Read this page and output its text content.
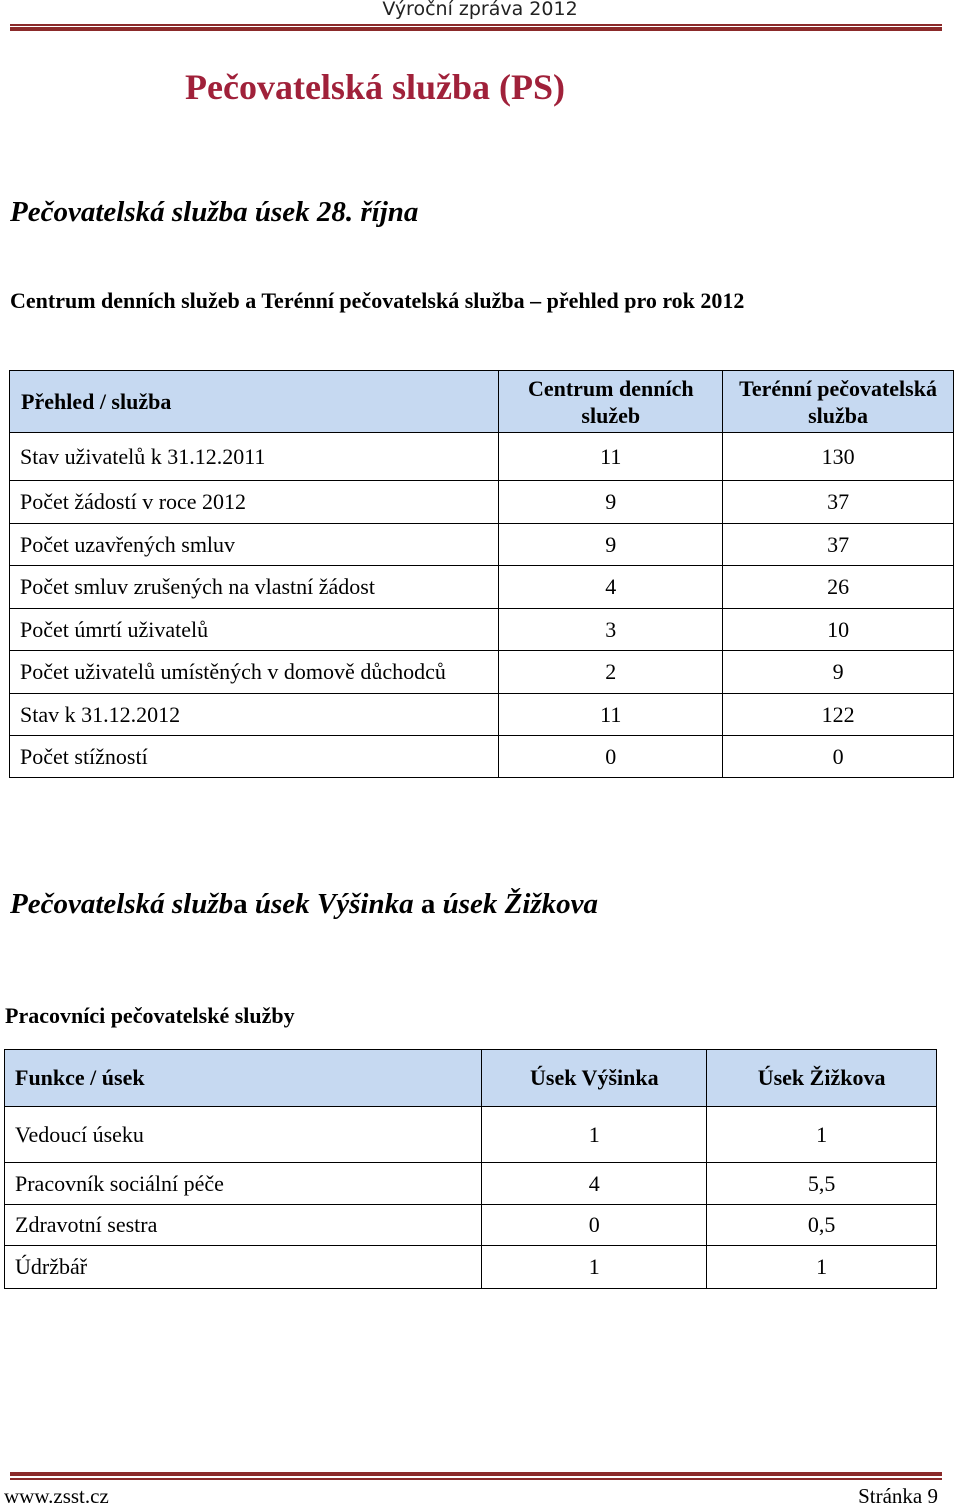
Výroční zpráva 2012
Pečovatelská služba (PS)
Pečovatelská služba úsek 28. října
Centrum denních služeb a Terénní pečovatelská služba – přehled pro rok 2012
Přehled / služba	Centrum denních služeb	Terénní pečovatelská služba
Stav uživatelů k 31.12.2011	11	130
Počet žádostí v roce 2012	9	37
Počet uzavřených smluv	9	37
Počet smluv zrušených na vlastní žádost	4	26
Počet úmrtí uživatelů	3	10
Počet uživatelů umístěných v domově důchodců	2	9
Stav k 31.12.2012	11	122
Počet stížností	0	0
Pečovatelská služba úsek Výšinka a úsek Žižkova
Pracovníci pečovatelské služby
Funkce / úsek	Úsek Výšinka	Úsek Žižkova
Vedoucí úseku	1	1
Pracovník sociální péče	4	5,5
Zdravotní sestra	0	0,5
Údržbář	1	1
www.zsst.cz	Stránka 9
